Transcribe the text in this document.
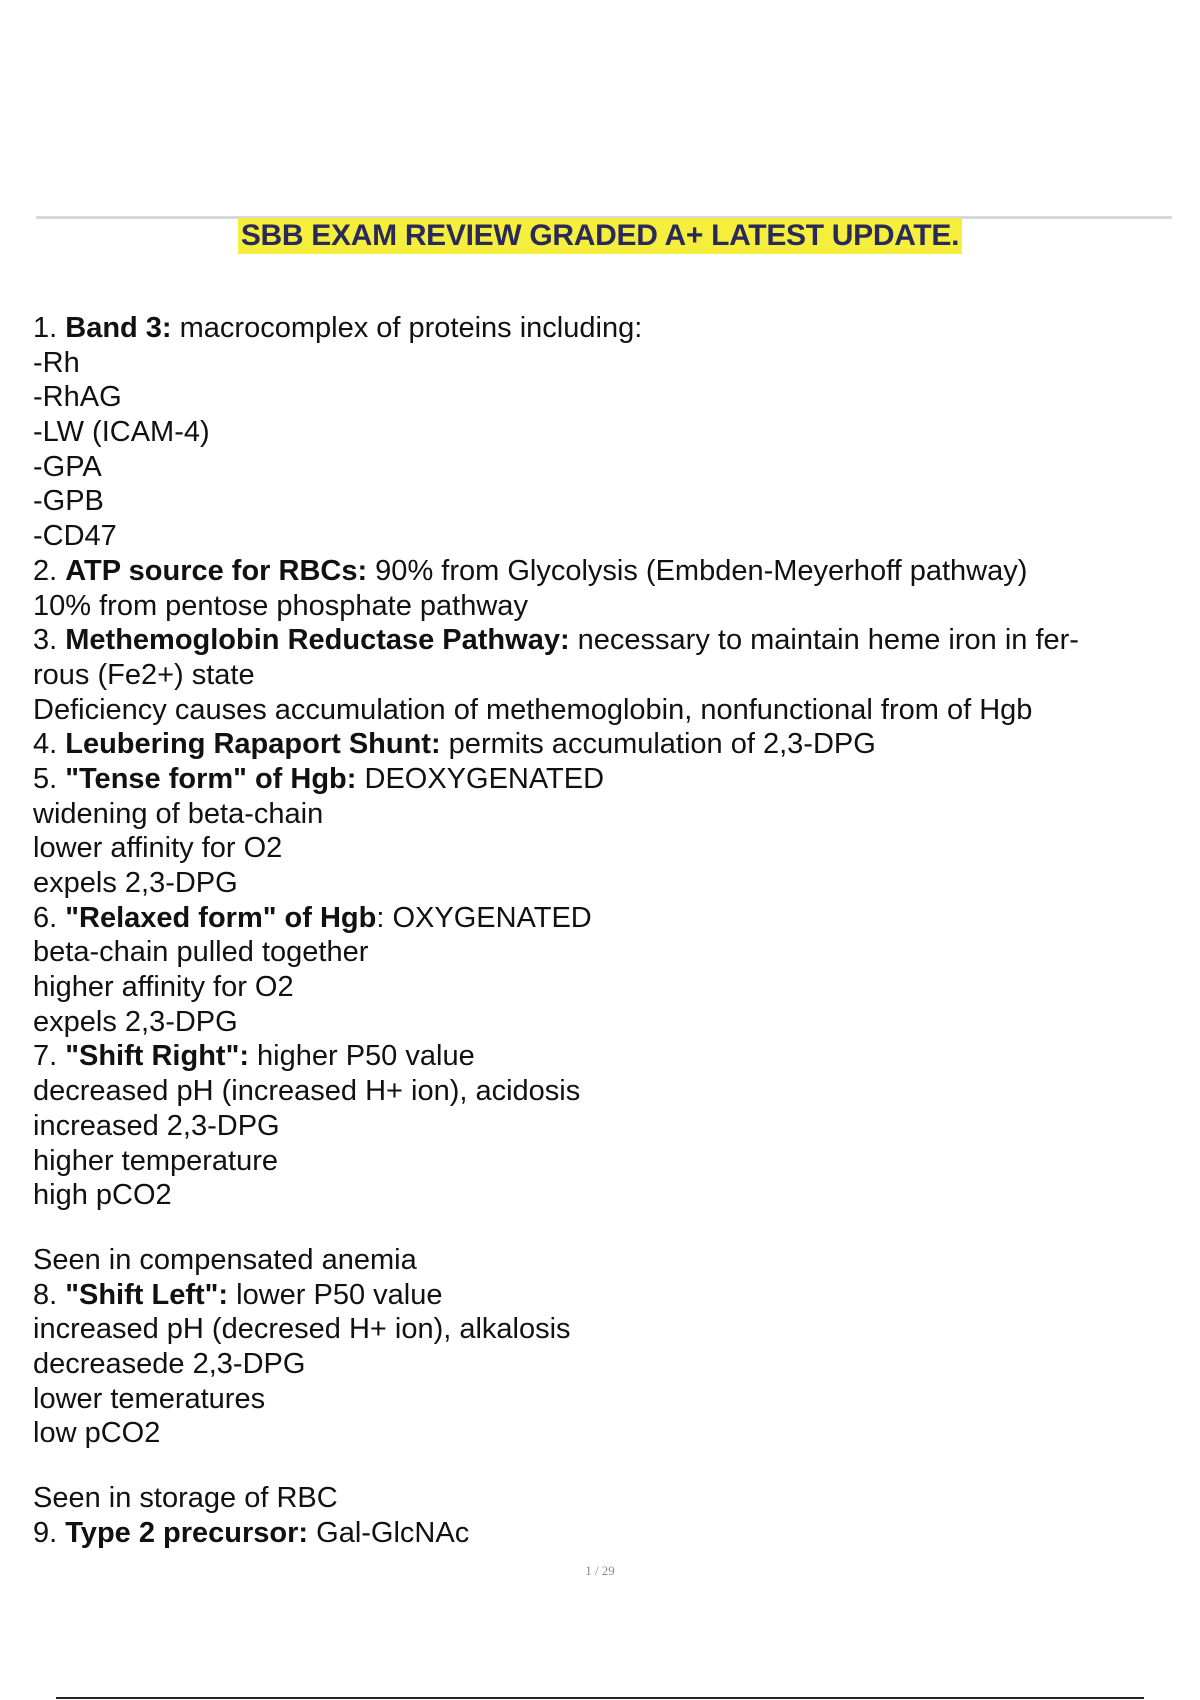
SBB EXAM REVIEW GRADED A+ LATEST UPDATE.
1. Band 3: macrocomplex of proteins including:
-Rh
-RhAG
-LW (ICAM-4)
-GPA
-GPB
-CD47
2. ATP source for RBCs: 90% from Glycolysis (Embden-Meyerhoff pathway)
10% from pentose phosphate pathway
3. Methemoglobin Reductase Pathway: necessary to maintain heme iron in fer-
rous (Fe2+) state
Deficiency causes accumulation of methemoglobin, nonfunctional from of Hgb
4. Leubering Rapaport Shunt: permits accumulation of 2,3-DPG
5. "Tense form" of Hgb: DEOXYGENATED
widening of beta-chain
lower affinity for O2
expels 2,3-DPG
6. "Relaxed form" of Hgb: OXYGENATED
beta-chain pulled together
higher affinity for O2
expels 2,3-DPG
7. "Shift Right": higher P50 value
decreased pH (increased H+ ion), acidosis
increased 2,3-DPG
higher temperature
high pCO2
Seen in compensated anemia
8. "Shift Left": lower P50 value
increased pH (decresed H+ ion), alkalosis
decreasede 2,3-DPG
lower temeratures
low pCO2
Seen in storage of RBC
9. Type 2 precursor: Gal-GlcNAc
1 / 29
